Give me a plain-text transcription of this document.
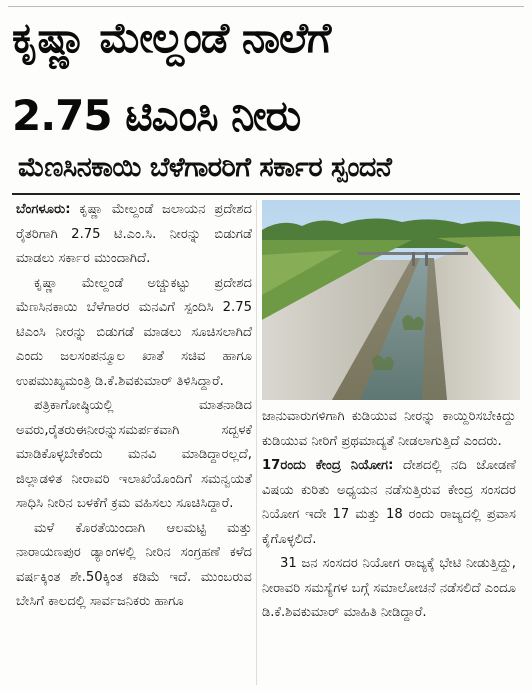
ಕೃಷ್ಣಾ ಮೇಲ್ದಂಡೆ ನಾಲೆಗೆ
2.75 ಟಿಎಂಸಿ ನೀರು
ಮೆಣಸಿನಕಾಯಿ ಬೆಳೆಗಾರರಿಗೆ ಸರ್ಕಾರ ಸ್ಪಂದನೆ

ಬೆಂಗಳೂರು: ಕೃಷ್ಣಾ ಮೇಲ್ದಂಡೆ ಜಲಾಯನ ಪ್ರದೇಶದ ರೈತರಿಗಾಗಿ 2.75 ಟಿ.ಎಂ.ಸಿ. ನೀರನ್ನು ಬಿಡುಗಡೆ ಮಾಡಲು ಸರ್ಕಾರ ಮುಂದಾಗಿದೆ.

ಕೃಷ್ಣಾ ಮೇಲ್ದಂಡೆ ಅಚ್ಚುಕಟ್ಟು ಪ್ರದೇಶದ ಮೆಣಸಿನಕಾಯಿ ಬೆಳೆಗಾರರ ಮನವಿಗೆ ಸ್ಪಂದಿಸಿ 2.75 ಟಿಎಂಸಿ ನೀರನ್ನು ಬಿಡುಗಡೆ ಮಾಡಲು ಸೂಚಿಸಲಾಗಿದೆ ಎಂದು ಜಲಸಂಪನ್ಮೂಲ ಖಾತೆ ಸಚಿವ ಹಾಗೂ ಉಪಮುಖ್ಯಮಂತ್ರಿ ಡಿ.ಕೆ.ಶಿವಕುಮಾರ್ ತಿಳಿಸಿದ್ದಾರೆ.

ಪತ್ರಿಕಾಗೋಷ್ಠಿಯಲ್ಲಿ ಮಾತನಾಡಿದ ಅವರು,ರೈತರುಈನೀರನ್ನುಸಮರ್ಪಕವಾಗಿ ಸದ್ಬಳಕೆ ಮಾಡಿಕೊಳ್ಳಬೇಕೆಂದು ಮನವಿ ಮಾಡಿದ್ದಾರಲ್ಲದೆ, ಜಿಲ್ಲಾಡಳಿತ ನೀರಾವರಿ ಇಲಾಖೆಯೊಂದಿಗೆ ಸಮನ್ವಯತೆ ಸಾಧಿಸಿ ನೀರಿನ ಬಳಕೆಗೆ ಕ್ರಮ ವಹಿಸಲು ಸೂಚಿಸಿದ್ದಾರೆ.

ಮಳೆ ಕೊರತೆಯಿಂದಾಗಿ ಆಲಮಟ್ಟಿ ಮತ್ತು ನಾರಾಯಣಪುರ ಡ್ಯಾಂಗಳಲ್ಲಿ ನೀರಿನ ಸಂಗ್ರಹಣೆ ಕಳೆದ ವರ್ಷಕ್ಕಿಂತ ಶೇ.50ಕ್ಕಿಂತ ಕಡಿಮೆ ಇದೆ. ಮುಂಬರುವ ಬೇಸಿಗೆ ಕಾಲದಲ್ಲಿ ಸಾರ್ವಜನಿಕರು ಹಾಗೂ

ಜಾನುವಾರುಗಳಿಗಾಗಿ ಕುಡಿಯುವ ನೀರನ್ನು ಕಾಯ್ದಿರಿಸಬೇಕಿದ್ದು ಕುಡಿಯುವ ನೀರಿಗೆ ಪ್ರಥಮಾದ್ಯತೆ ನೀಡಲಾಗುತ್ತಿದೆ ಎಂದರು.

17ರಂದು ಕೇಂದ್ರ ನಿಯೋಗ: ದೇಶದಲ್ಲಿ ನದಿ ಜೋಡಣೆ ವಿಷಯ ಕುರಿತು ಅಧ್ಯಯನ ನಡೆಸುತ್ತಿರುವ ಕೇಂದ್ರ ಸಂಸದರ ನಿಯೋಗ ಇದೇ 17 ಮತ್ತು 18 ರಂದು ರಾಜ್ಯದಲ್ಲಿ ಪ್ರವಾಸ ಕೈಗೊಳ್ಳಲಿದೆ.

31 ಜನ ಸಂಸದರ ನಿಯೋಗ ರಾಜ್ಯಕ್ಕೆ ಭೇಟಿ ನೀಡುತ್ತಿದ್ದು, ನೀರಾವರಿ ಸಮಸ್ಯೆಗಳ ಬಗ್ಗೆ ಸಮಾಲೋಚನೆ ನಡೆಸಲಿದೆ ಎಂದೂ ಡಿ.ಕೆ.ಶಿವಕುಮಾರ್ ಮಾಹಿತಿ ನೀಡಿದ್ದಾರೆ.
